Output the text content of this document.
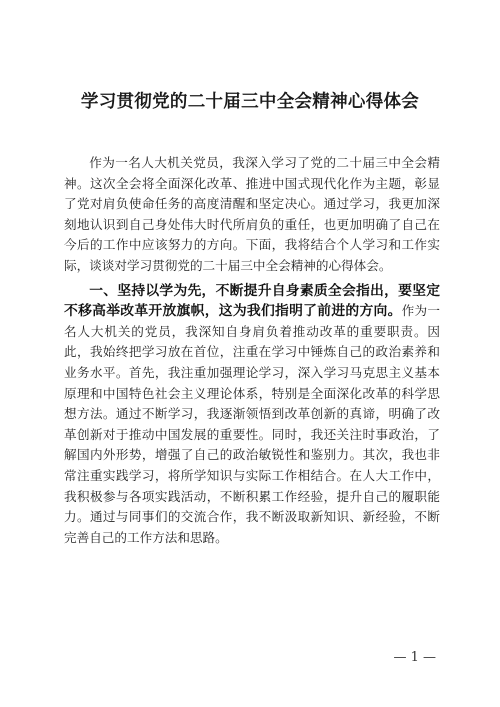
学习贯彻党的二十届三中全会精神心得体会

作为一名人大机关党员，我深入学习了党的二十届三中全会精神。这次全会将全面深化改革、推进中国式现代化作为主题，彰显了党对肩负使命任务的高度清醒和坚定决心。通过学习，我更加深刻地认识到自己身处伟大时代所肩负的重任，也更加明确了自己在今后的工作中应该努力的方向。下面，我将结合个人学习和工作实际，谈谈对学习贯彻党的二十届三中全会精神的心得体会。

一、坚持以学为先，不断提升自身素质全会指出，要坚定不移高举改革开放旗帜，这为我们指明了前进的方向。作为一名人大机关的党员，我深知自身肩负着推动改革的重要职责。因此，我始终把学习放在首位，注重在学习中锤炼自己的政治素养和业务水平。首先，我注重加强理论学习，深入学习马克思主义基本原理和中国特色社会主义理论体系，特别是全面深化改革的科学思想方法。通过不断学习，我逐渐领悟到改革创新的真谛，明确了改革创新对于推动中国发展的重要性。同时，我还关注时事政治，了解国内外形势，增强了自己的政治敏锐性和鉴别力。其次，我也非常注重实践学习，将所学知识与实际工作相结合。在人大工作中，我积极参与各项实践活动，不断积累工作经验，提升自己的履职能力。通过与同事们的交流合作，我不断汲取新知识、新经验，不断完善自己的工作方法和思路。

— 1 —
